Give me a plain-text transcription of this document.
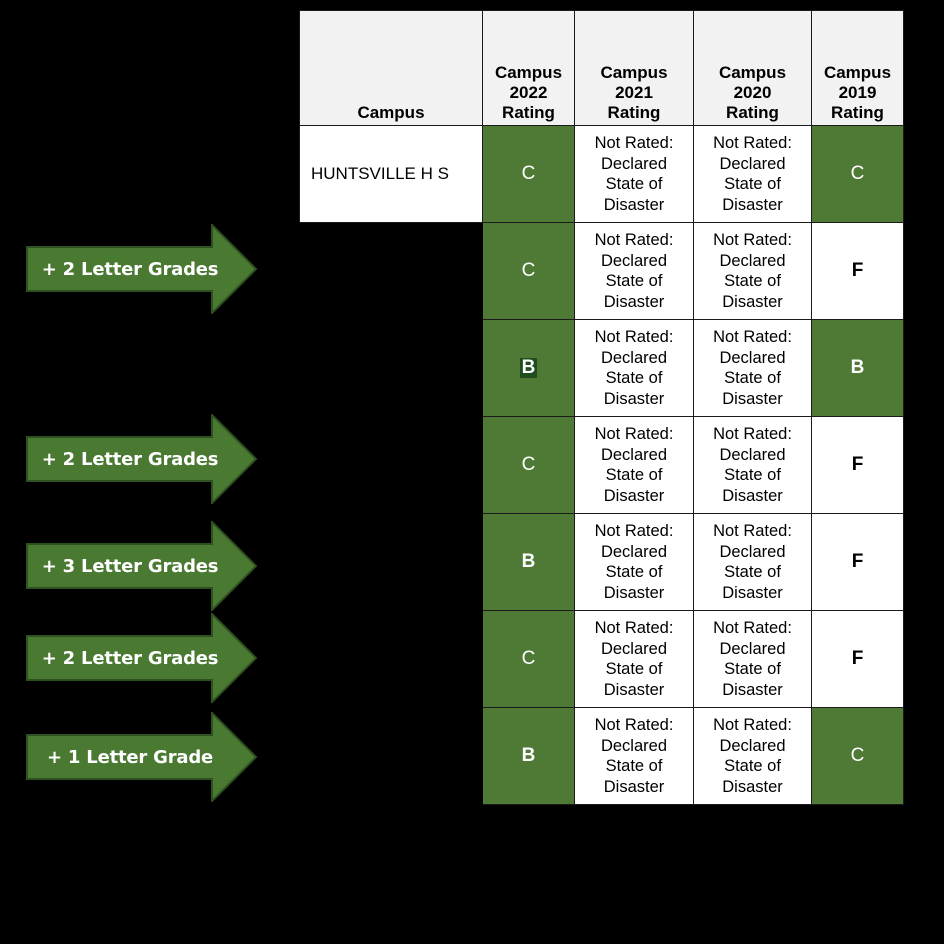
Campus	Campus
2022
Rating	Campus
2021
Rating	Campus
2020
Rating	Campus
2019
Rating
HUNTSVILLE H S	C	Not Rated:
Declared
State of
Disaster	Not Rated:
Declared
State of
Disaster	C
	C	Not Rated:
Declared
State of
Disaster	Not Rated:
Declared
State of
Disaster	F
	B	Not Rated:
Declared
State of
Disaster	Not Rated:
Declared
State of
Disaster	B
	C	Not Rated:
Declared
State of
Disaster	Not Rated:
Declared
State of
Disaster	F
	B	Not Rated:
Declared
State of
Disaster	Not Rated:
Declared
State of
Disaster	F
	C	Not Rated:
Declared
State of
Disaster	Not Rated:
Declared
State of
Disaster	F
	B	Not Rated:
Declared
State of
Disaster	Not Rated:
Declared
State of
Disaster	C
+ 2 Letter Grades
+ 2 Letter Grades
+ 3 Letter Grades
+ 2 Letter Grades
+ 1 Letter Grade
